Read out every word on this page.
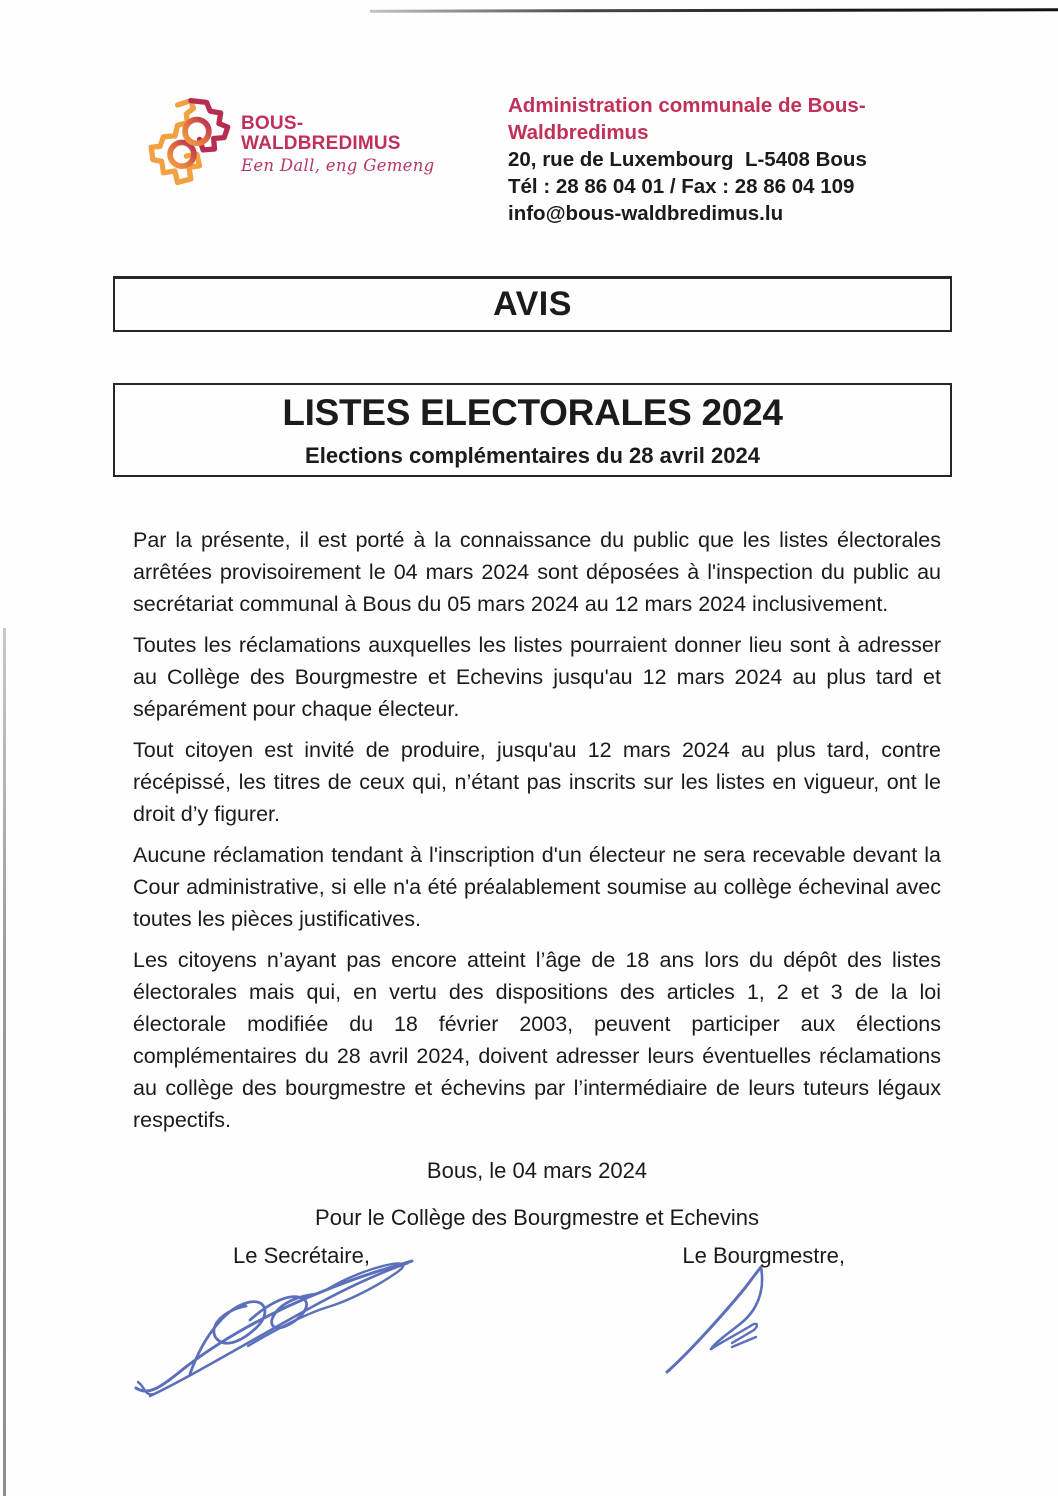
BOUS-
WALDBREDIMUS
Een Dall, eng Gemeng
Administration communale de Bous-
Waldbredimus
20, rue de Luxembourg  L-5408 Bous
Tél : 28 86 04 01 / Fax : 28 86 04 109
info@bous-waldbredimus.lu
AVIS
LISTES ELECTORALES 2024
Elections complémentaires du 28 avril 2024

Par la présente, il est porté à la connaissance du public que les listes électorales arrêtées provisoirement le 04 mars 2024 sont déposées à l'inspection du public au secrétariat communal à Bous du 05 mars 2024 au 12 mars 2024 inclusivement.

Toutes les réclamations auxquelles les listes pourraient donner lieu sont à adresser au Collège des Bourgmestre et Echevins jusqu'au 12 mars 2024 au plus tard et séparément pour chaque électeur.

Tout citoyen est invité de produire, jusqu'au 12 mars 2024 au plus tard, contre récépissé, les titres de ceux qui, n’étant pas inscrits sur les listes en vigueur, ont le droit d’y figurer.

Aucune réclamation tendant à l'inscription d'un électeur ne sera recevable devant la Cour administrative, si elle n'a été préalablement soumise au collège échevinal avec toutes les pièces justificatives.

Les citoyens n’ayant pas encore atteint l’âge de 18 ans lors du dépôt des listes électorales mais qui, en vertu des dispositions des articles 1, 2 et 3 de la loi électorale modifiée du 18 février 2003, peuvent participer aux élections complémentaires du 28 avril 2024, doivent adresser leurs éventuelles réclamations au collège des bourgmestre et échevins par l’intermédiaire de leurs tuteurs légaux respectifs.

Bous, le 04 mars 2024

Pour le Collège des Bourgmestre et Echevins

Le Secrétaire,	Le Bourgmestre,
